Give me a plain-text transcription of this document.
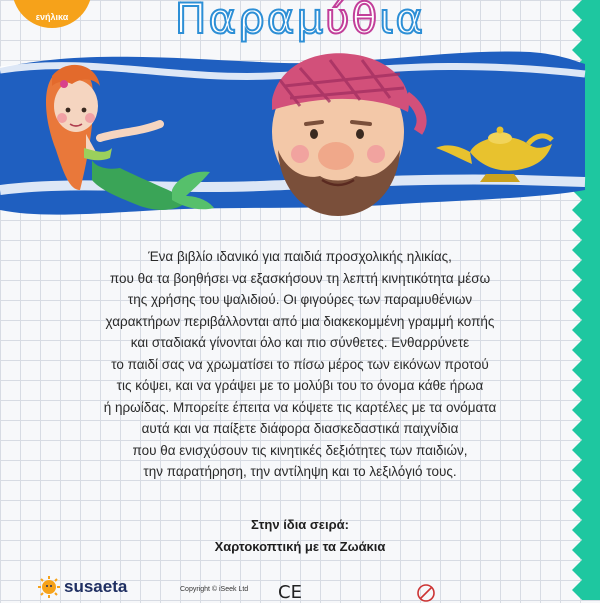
ενήλικα	Παραμύθια
Ένα βιβλίο ιδανικό για παιδιά προσχολικής ηλικίας,
που θα τα βοηθήσει να εξασκήσουν τη λεπτή κινητικότητα μέσω
της χρήσης του ψαλιδιού. Οι φιγούρες των παραμυθένιων
χαρακτήρων περιβάλλονται από μια διακεκομμένη γραμμή κοπής
και σταδιακά γίνονται όλο και πιο σύνθετες. Ενθαρρύνετε
το παιδί σας να χρωματίσει το πίσω μέρος των εικόνων προτού
τις κόψει, και να γράψει με το μολύβι του το όνομα κάθε ήρωα
ή ηρωίδας. Μπορείτε έπειτα να κόψετε τις καρτέλες με τα ονόματα
αυτά και να παίξετε διάφορα διασκεδαστικά παιχνίδια
που θα ενισχύσουν τις κινητικές δεξιότητες των παιδιών,
την παρατήρηση, την αντίληψη και το λεξιλόγιό τους.
Στην ίδια σειρά:
Χαρτοκοπτική με τα Ζωάκια
susaeta	Copyright © iSeek Ltd CE
